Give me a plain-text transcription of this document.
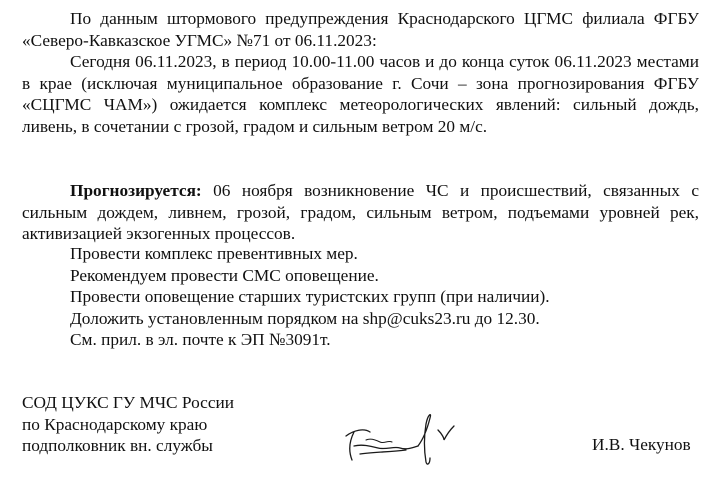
По данным штормового предупреждения Краснодарского ЦГМС филиала ФГБУ «Северо-Кавказское УГМС» №71 от 06.11.2023:

Сегодня 06.11.2023, в период 10.00-11.00 часов и до конца суток 06.11.2023 местами в крае (исключая муниципальное образование г. Сочи – зона прогнозирования ФГБУ «СЦГМС ЧАМ») ожидается комплекс метеорологических явлений: сильный дождь, ливень, в сочетании с грозой, градом и сильным ветром 20 м/с.

Прогнозируется: 06 ноября возникновение ЧС и происшествий, связанных с сильным дождем, ливнем, грозой, градом, сильным ветром, подъемами уровней рек, активизацией экзогенных процессов.

Провести комплекс превентивных мер.

Рекомендуем провести СМС оповещение.

Провести оповещение старших туристских групп (при наличии).

Доложить установленным порядком на shp@cuks23.ru до 12.30.

См. прил. в эл. почте к ЭП №3091т.

СОД ЦУКС ГУ МЧС России
по Краснодарскому краю
подполковник вн. службы	И.В. Чекунов
